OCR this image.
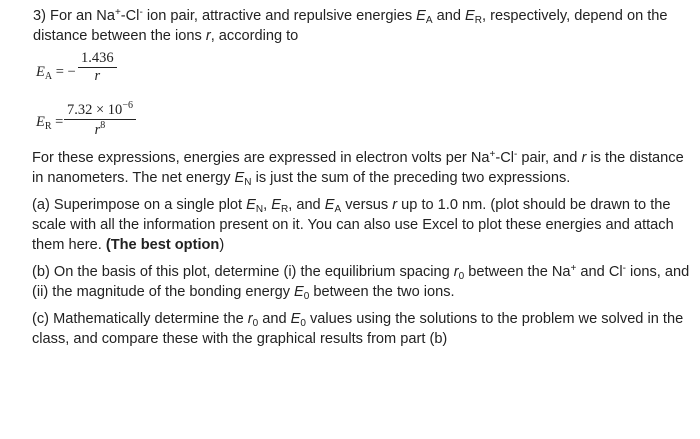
3) For an Na+-Cl- ion pair, attractive and repulsive energies $E_A$ and $E_R$, respectively, depend on the distance between the ions r, according to
$E_A$ = −
1.436
r
$E_R$ =
$7.32 \times 10^{-6}$
$r^8$
For these expressions, energies are expressed in electron volts per Na+-Cl- pair, and r is the distance in nanometers. The net energy $E_N$ is just the sum of the preceding two expressions.
(a) Superimpose on a single plot $E_N$, $E_R$, and $E_A$ versus r up to 1.0 nm. (plot should be drawn to the scale with all the information present on it. You can also use Excel to plot these energies and attach them here. (The best option)
(b) On the basis of this plot, determine (i) the equilibrium spacing $r_0$ between the Na+ and Cl- ions, and (ii) the magnitude of the bonding energy $E_0$ between the two ions.
(c) Mathematically determine the $r_0$ and $E_0$ values using the solutions to the problem we solved in the class, and compare these with the graphical results from part (b)
